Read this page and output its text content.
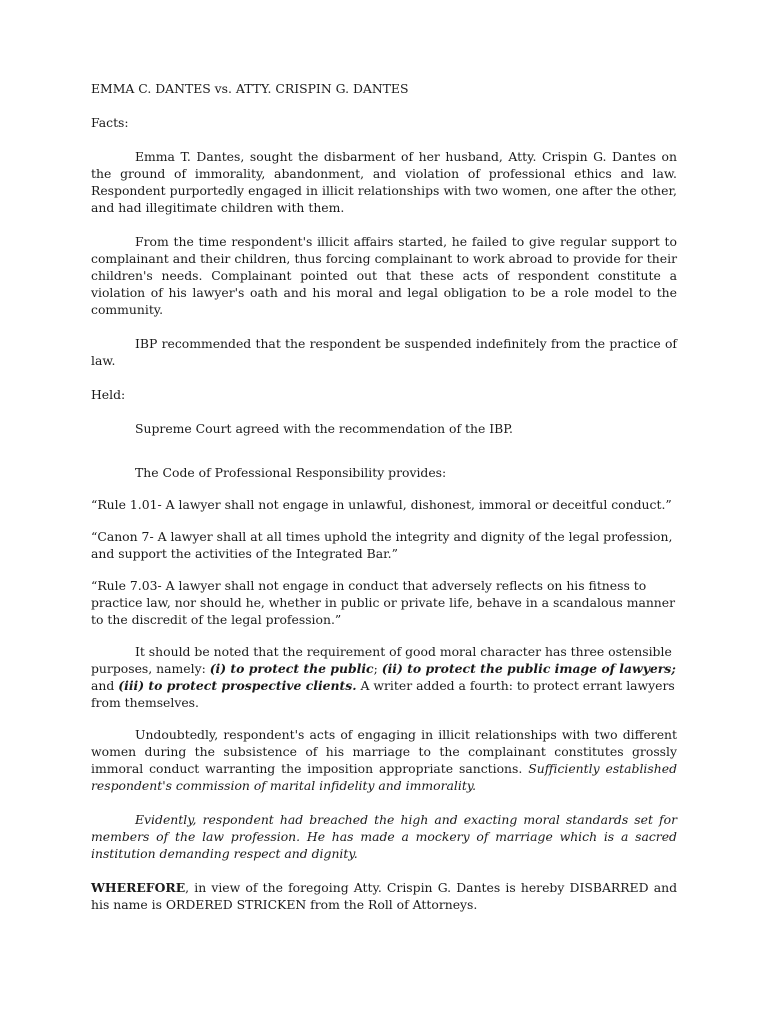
EMMA C. DANTES vs. ATTY. CRISPIN G. DANTES

Facts:

Emma T. Dantes, sought the disbarment of her husband, Atty. Crispin G. Dantes on the ground of immorality, abandonment, and violation of professional ethics and law. Respondent purportedly engaged in illicit relationships with two women, one after the other, and had illegitimate children with them.

From the time respondent's illicit affairs started, he failed to give regular support to complainant and their children, thus forcing complainant to work abroad to provide for their children's needs. Complainant pointed out that these acts of respondent constitute a violation of his lawyer's oath and his moral and legal obligation to be a role model to the community.

IBP recommended that the respondent be suspended indefinitely from the practice of law.

Held:

Supreme Court agreed with the recommendation of the IBP.

The Code of Professional Responsibility provides:

“Rule 1.01- A lawyer shall not engage in unlawful, dishonest, immoral or deceitful conduct.”

“Canon 7- A lawyer shall at all times uphold the integrity and dignity of the legal profession, and support the activities of the Integrated Bar.”

“Rule 7.03- A lawyer shall not engage in conduct that adversely reflects on his fitness to practice law, nor should he, whether in public or private life, behave in a scandalous manner to the discredit of the legal profession.”

It should be noted that the requirement of good moral character has three ostensible purposes, namely: (i) to protect the public; (ii) to protect the public image of lawyers; and (iii) to protect prospective clients. A writer added a fourth: to protect errant lawyers from themselves.

Undoubtedly, respondent's acts of engaging in illicit relationships with two different women during the subsistence of his marriage to the complainant constitutes grossly immoral conduct warranting the imposition appropriate sanctions. Sufficiently established respondent's commission of marital infidelity and immorality.

Evidently, respondent had breached the high and exacting moral standards set for members of the law profession. He has made a mockery of marriage which is a sacred institution demanding respect and dignity.

WHEREFORE, in view of the foregoing Atty. Crispin G. Dantes is hereby DISBARRED and his name is ORDERED STRICKEN from the Roll of Attorneys.
